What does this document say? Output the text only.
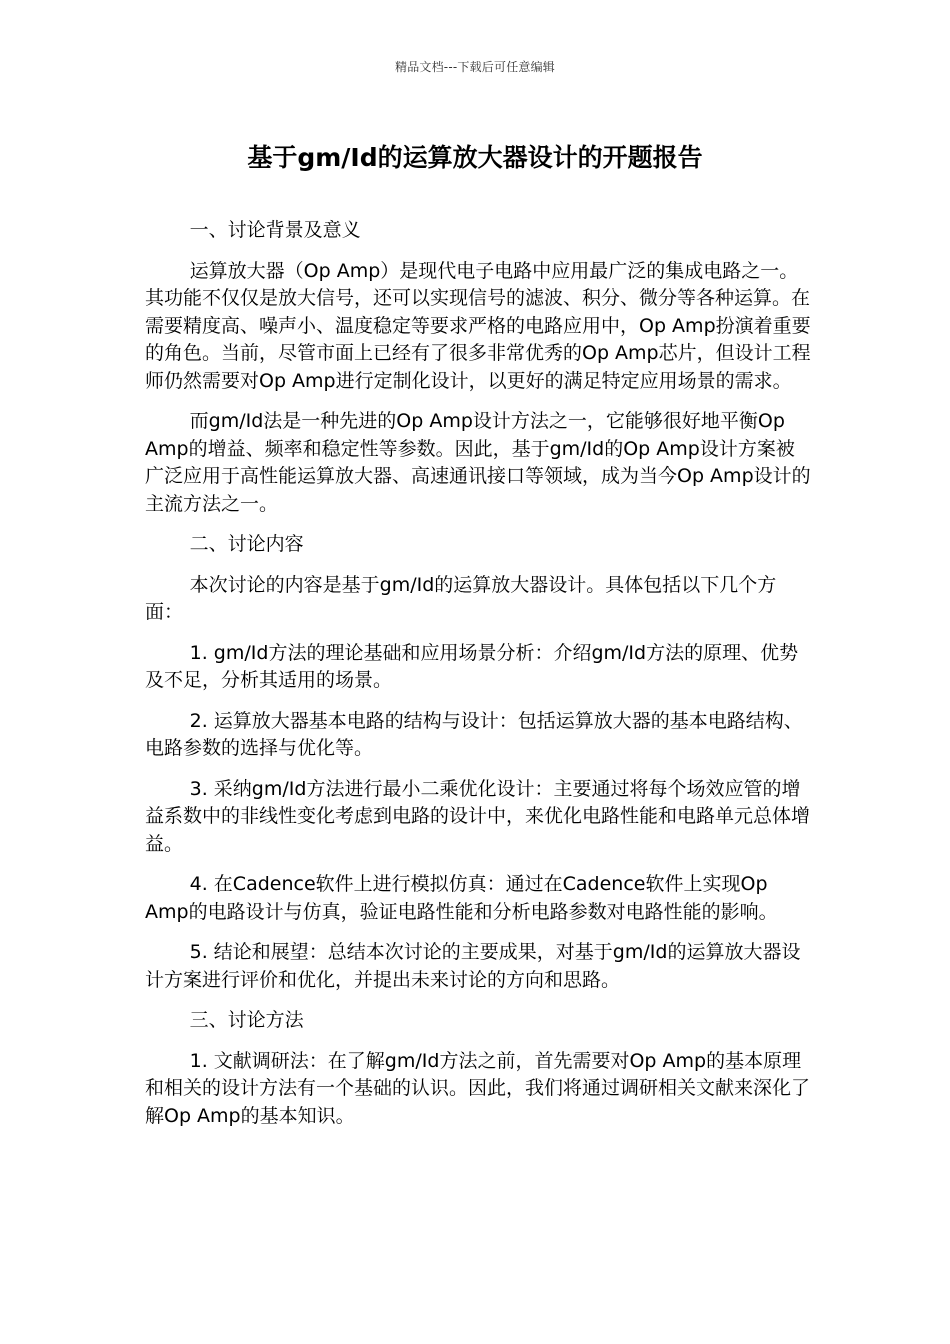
精品文档---下载后可任意编辑
基于gm/Id的运算放大器设计的开题报告
一、讨论背景及意义

运算放大器（Op Amp）是现代电子电路中应用最广泛的集成电路之一。其功能不仅仅是放大信号，还可以实现信号的滤波、积分、微分等各种运算。在需要精度高、噪声小、温度稳定等要求严格的电路应用中，Op Amp扮演着重要的角色。当前，尽管市面上已经有了很多非常优秀的Op Amp芯片，但设计工程师仍然需要对Op Amp进行定制化设计，以更好的满足特定应用场景的需求。

而gm/Id法是一种先进的Op Amp设计方法之一，它能够很好地平衡Op Amp的增益、频率和稳定性等参数。因此，基于gm/Id的Op Amp设计方案被广泛应用于高性能运算放大器、高速通讯接口等领域，成为当今Op Amp设计的主流方法之一。

二、讨论内容

本次讨论的内容是基于gm/Id的运算放大器设计。具体包括以下几个方面：

1. gm/Id方法的理论基础和应用场景分析：介绍gm/Id方法的原理、优势及不足，分析其适用的场景。

2. 运算放大器基本电路的结构与设计：包括运算放大器的基本电路结构、电路参数的选择与优化等。

3. 采纳gm/Id方法进行最小二乘优化设计：主要通过将每个场效应管的增益系数中的非线性变化考虑到电路的设计中，来优化电路性能和电路单元总体增益。

4. 在Cadence软件上进行模拟仿真：通过在Cadence软件上实现Op Amp的电路设计与仿真，验证电路性能和分析电路参数对电路性能的影响。

5. 结论和展望：总结本次讨论的主要成果，对基于gm/Id的运算放大器设计方案进行评价和优化，并提出未来讨论的方向和思路。

三、讨论方法

1. 文献调研法：在了解gm/Id方法之前，首先需要对Op Amp的基本原理和相关的设计方法有一个基础的认识。因此，我们将通过调研相关文献来深化了解Op Amp的基本知识。
